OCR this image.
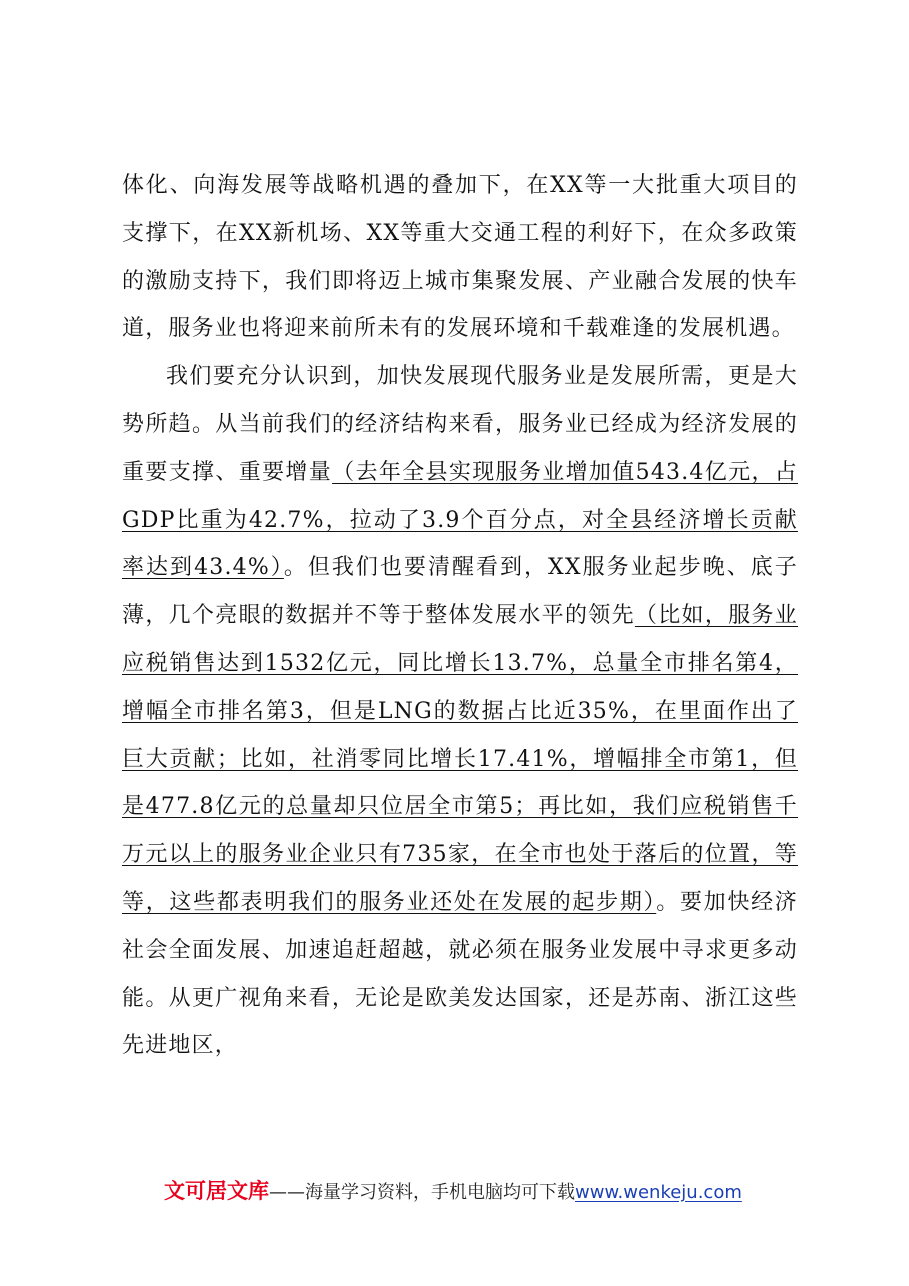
体化、向海发展等战略机遇的叠加下，在XX等一大批重大项目的支撑下，在XX新机场、XX等重大交通工程的利好下，在众多政策的激励支持下，我们即将迈上城市集聚发展、产业融合发展的快车道，服务业也将迎来前所未有的发展环境和千载难逢的发展机遇。

我们要充分认识到，加快发展现代服务业是发展所需，更是大势所趋。从当前我们的经济结构来看，服务业已经成为经济发展的重要支撑、重要增量（去年全县实现服务业增加值543.4亿元，占GDP比重为42.7%，拉动了3.9个百分点，对全县经济增长贡献率达到43.4%）。但我们也要清醒看到，XX服务业起步晚、底子薄，几个亮眼的数据并不等于整体发展水平的领先（比如，服务业应税销售达到1532亿元，同比增长13.7%，总量全市排名第4，增幅全市排名第3，但是LNG的数据占比近35%，在里面作出了巨大贡献；比如，社消零同比增长17.41%，增幅排全市第1，但是477.8亿元的总量却只位居全市第5；再比如，我们应税销售千万元以上的服务业企业只有735家，在全市也处于落后的位置，等等，这些都表明我们的服务业还处在发展的起步期）。要加快经济社会全面发展、加速追赶超越，就必须在服务业发展中寻求更多动能。从更广视角来看，无论是欧美发达国家，还是苏南、浙江这些先进地区，

文可居文库——海量学习资料，手机电脑均可下载www.wenkeju.com
